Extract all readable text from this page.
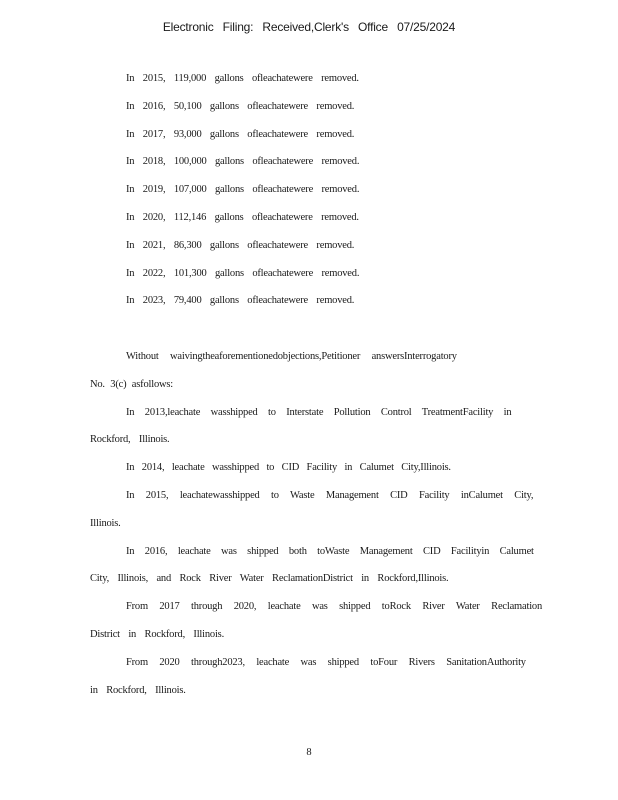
Electronic Filing: Received,Clerk's Office 07/25/2024
In 2015, 119,000 gallons ofleachatewere removed.
In 2016, 50,100 gallons ofleachatewere removed.
In 2017, 93,000 gallons ofleachatewere removed.
In 2018, 100,000 gallons ofleachatewere removed.
In 2019, 107,000 gallons ofleachatewere removed.
In 2020, 112,146 gallons ofleachatewere removed.
In 2021, 86,300 gallons ofleachatewere removed.
In 2022, 101,300 gallons ofleachatewere removed.
In 2023, 79,400 gallons ofleachatewere removed.
Without waivingtheaforementionedobjections,Petitioner answersInterrogatory
No. 3(c) asfollows:
In 2013,leachate wasshipped to Interstate Pollution Control TreatmentFacility in
Rockford, Illinois.
In 2014, leachate wasshipped to CID Facility in Calumet City,Illinois.
In 2015, leachatewasshipped to Waste Management CID Facility inCalumet City,
Illinois.
In 2016, leachate was shipped both toWaste Management CID Facilityin Calumet
City, Illinois, and Rock River Water ReclamationDistrict in Rockford,Illinois.
From 2017 through 2020, leachate was shipped toRock River Water Reclamation
District in Rockford, Illinois.
From 2020 through2023, leachate was shipped toFour Rivers SanitationAuthority
in Rockford, Illinois.
8
